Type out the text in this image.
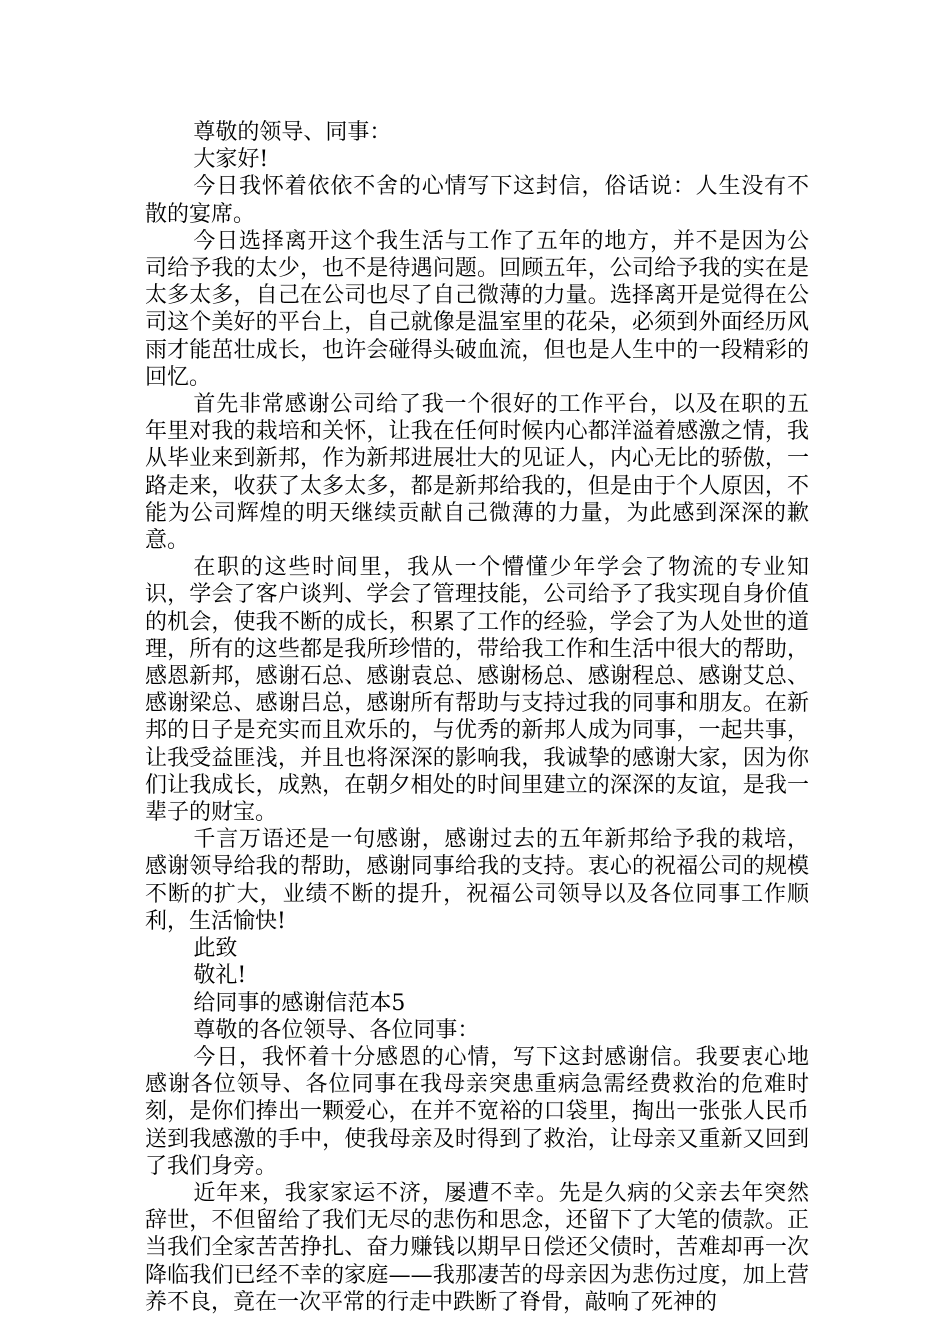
尊敬的领导、同事：

大家好!

今日我怀着依依不舍的心情写下这封信，俗话说：人生没有不散的宴席。

今日选择离开这个我生活与工作了五年的地方，并不是因为公司给予我的太少，也不是待遇问题。回顾五年，公司给予我的实在是太多太多，自己在公司也尽了自己微薄的力量。选择离开是觉得在公司这个美好的平台上，自己就像是温室里的花朵，必须到外面经历风雨才能茁壮成长，也许会碰得头破血流，但也是人生中的一段精彩的回忆。

首先非常感谢公司给了我一个很好的工作平台，以及在职的五年里对我的栽培和关怀，让我在任何时候内心都洋溢着感激之情，我从毕业来到新邦，作为新邦进展壮大的见证人，内心无比的骄傲，一路走来，收获了太多太多，都是新邦给我的，但是由于个人原因，不能为公司辉煌的明天继续贡献自己微薄的力量，为此感到深深的歉意。

在职的这些时间里，我从一个懵懂少年学会了物流的专业知识，学会了客户谈判、学会了管理技能，公司给予了我实现自身价值的机会，使我不断的成长，积累了工作的经验，学会了为人处世的道理，所有的这些都是我所珍惜的，带给我工作和生活中很大的帮助，感恩新邦，感谢石总、感谢袁总、感谢杨总、感谢程总、感谢艾总、感谢梁总、感谢吕总，感谢所有帮助与支持过我的同事和朋友。在新邦的日子是充实而且欢乐的，与优秀的新邦人成为同事，一起共事，让我受益匪浅，并且也将深深的影响我，我诚挚的感谢大家，因为你们让我成长，成熟，在朝夕相处的时间里建立的深深的友谊，是我一辈子的财宝。

千言万语还是一句感谢，感谢过去的五年新邦给予我的栽培，感谢领导给我的帮助，感谢同事给我的支持。衷心的祝福公司的规模不断的扩大，业绩不断的提升，祝福公司领导以及各位同事工作顺利，生活愉快!

此致

敬礼!

给同事的感谢信范本5

尊敬的各位领导、各位同事：

今日，我怀着十分感恩的心情，写下这封感谢信。我要衷心地感谢各位领导、各位同事在我母亲突患重病急需经费救治的危难时刻，是你们捧出一颗爱心，在并不宽裕的口袋里，掏出一张张人民币送到我感激的手中，使我母亲及时得到了救治，让母亲又重新又回到了我们身旁。

近年来，我家家运不济，屡遭不幸。先是久病的父亲去年突然辞世，不但留给了我们无尽的悲伤和思念，还留下了大笔的债款。正当我们全家苦苦挣扎、奋力赚钱以期早日偿还父债时，苦难却再一次降临我们已经不幸的家庭——我那凄苦的母亲因为悲伤过度，加上营养不良，竟在一次平常的行走中跌断了脊骨，敲响了死神的
